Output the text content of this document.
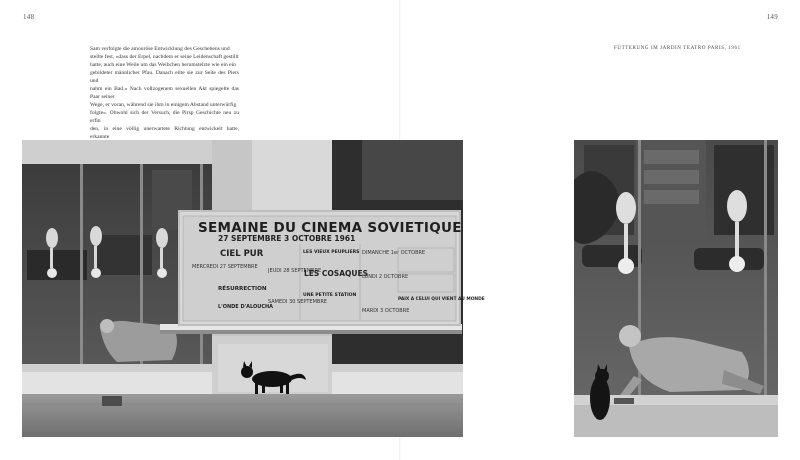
148	149

Sam verfolgte die amouröse Entwicklung des Geschehens und

stellte fest, »dass der Erpel, nachdem er seine Leidenschaft gestillt

hatte, auch eine Weile um das Weibchen herumstelzte wie ein ein

gebildeter männlicher Pfau. Danach eilte sie zur Seite des Piers und

nahm ein Bad.« Nach vollzogenem sexuellen Akt spiegelte das Paar seiner

Wege, er voran, während sie ihm in einigem Abstand unterwürfig

folgte«. Obwohl sich der Versuch, die Pirsp Geschichte neu zu erfin

den, in eine völlig unerwartete Richtung entwickelt hatte, erkannte

FÜTTERUNG IM JARDIN TEATRO PARIS, 1961
SEMAINE DU CINEMA SOVIETIQUE
27 SEPTEMBRE 3 OCTOBRE 1961
CIEL PUR
MERCREDI 27 SEPTEMBRE
RÉSURRECTION
SAMEDI 30 SEPTEMBRE
L'ONDE D'ALOUCHA
LES VIEUX PEUPLIERS
JEUDI 28 SEPTEMBRE
LES COSAQUES
LUNDI 2 OCTOBRE
UNE PETITE STATION
DIMANCHE 1er OCTOBRE
PAIX A CELUI QUI VIENT AU MONDE
MARDI 3 OCTOBRE
